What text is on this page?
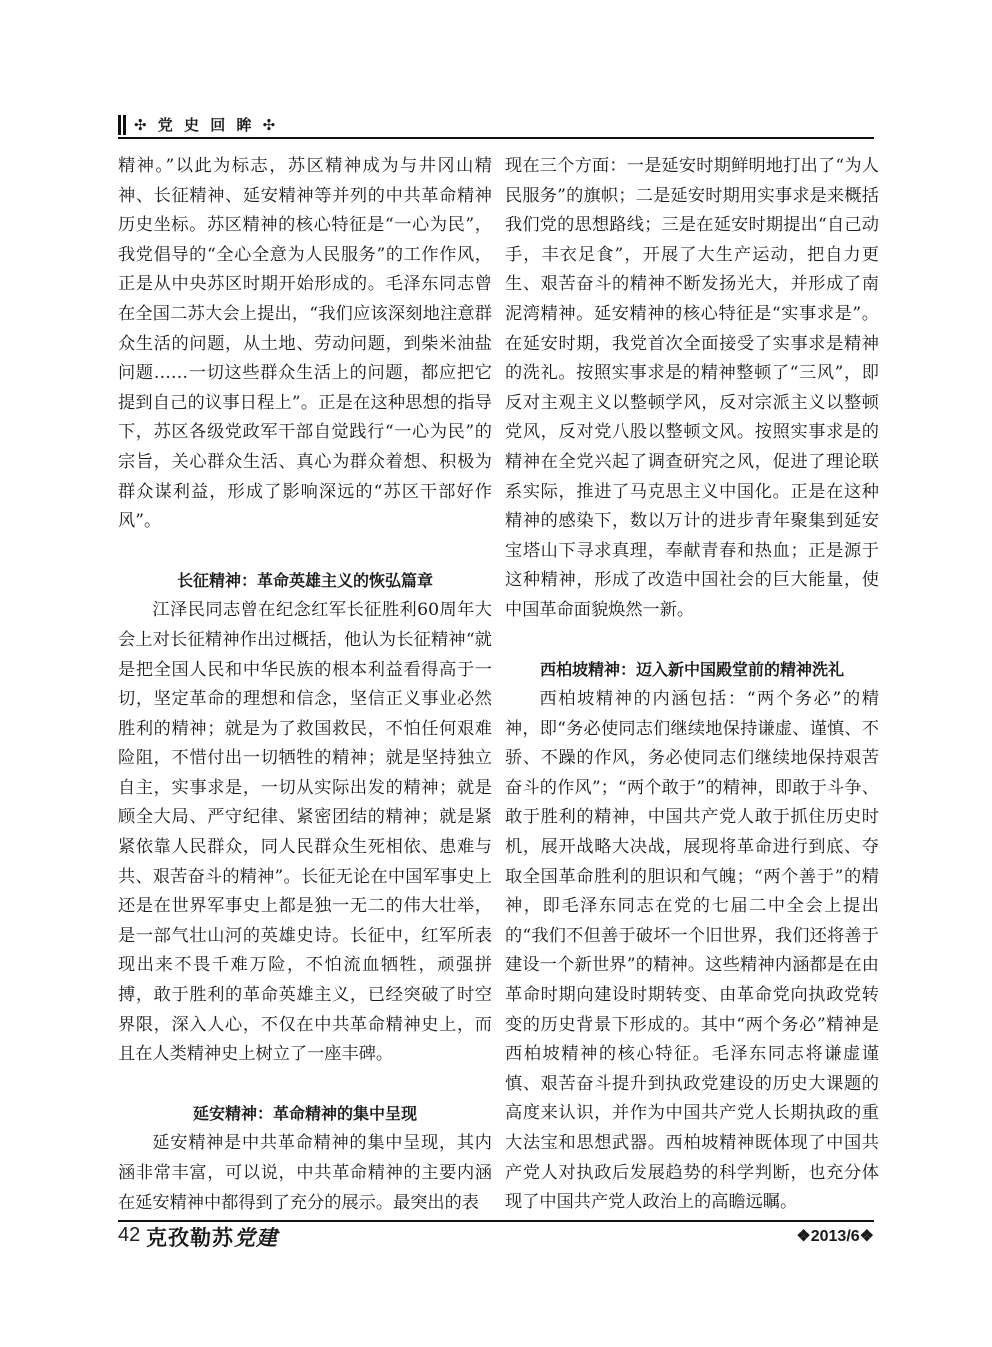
✣ 党 史 回 眸 ✣

精神。”以此为标志，苏区精神成为与井冈山精神、长征精神、延安精神等并列的中共革命精神历史坐标。苏区精神的核心特征是“一心为民”，我党倡导的“全心全意为人民服务”的工作作风，正是从中央苏区时期开始形成的。毛泽东同志曾在全国二苏大会上提出，“我们应该深刻地注意群众生活的问题，从土地、劳动问题，到柴米油盐问题……一切这些群众生活上的问题，都应把它提到自己的议事日程上”。正是在这种思想的指导下，苏区各级党政军干部自觉践行“一心为民”的宗旨，关心群众生活、真心为群众着想、积极为群众谋利益，形成了影响深远的“苏区干部好作风”。

长征精神：革命英雄主义的恢弘篇章

江泽民同志曾在纪念红军长征胜利60周年大会上对长征精神作出过概括，他认为长征精神“就是把全国人民和中华民族的根本利益看得高于一切，坚定革命的理想和信念，坚信正义事业必然胜利的精神；就是为了救国救民，不怕任何艰难险阻，不惜付出一切牺牲的精神；就是坚持独立自主，实事求是，一切从实际出发的精神；就是顾全大局、严守纪律、紧密团结的精神；就是紧紧依靠人民群众，同人民群众生死相依、患难与共、艰苦奋斗的精神”。长征无论在中国军事史上还是在世界军事史上都是独一无二的伟大壮举，是一部气壮山河的英雄史诗。长征中，红军所表现出来不畏千难万险，不怕流血牺牲，顽强拼搏，敢于胜利的革命英雄主义，已经突破了时空界限，深入人心，不仅在中共革命精神史上，而且在人类精神史上树立了一座丰碑。

延安精神：革命精神的集中呈现

延安精神是中共革命精神的集中呈现，其内涵非常丰富，可以说，中共革命精神的主要内涵在延安精神中都得到了充分的展示。最突出的表

现在三个方面：一是延安时期鲜明地打出了“为人民服务”的旗帜；二是延安时期用实事求是来概括我们党的思想路线；三是在延安时期提出“自己动手，丰衣足食”，开展了大生产运动，把自力更生、艰苦奋斗的精神不断发扬光大，并形成了南泥湾精神。延安精神的核心特征是“实事求是”。在延安时期，我党首次全面接受了实事求是精神的洗礼。按照实事求是的精神整顿了“三风”，即反对主观主义以整顿学风，反对宗派主义以整顿党风，反对党八股以整顿文风。按照实事求是的精神在全党兴起了调查研究之风，促进了理论联系实际，推进了马克思主义中国化。正是在这种精神的感染下，数以万计的进步青年聚集到延安宝塔山下寻求真理，奉献青春和热血；正是源于这种精神，形成了改造中国社会的巨大能量，使中国革命面貌焕然一新。

西柏坡精神：迈入新中国殿堂前的精神洗礼

西柏坡精神的内涵包括：“两个务必”的精神，即“务必使同志们继续地保持谦虚、谨慎、不骄、不躁的作风，务必使同志们继续地保持艰苦奋斗的作风”；“两个敢于”的精神，即敢于斗争、敢于胜利的精神，中国共产党人敢于抓住历史时机，展开战略大决战，展现将革命进行到底、夺取全国革命胜利的胆识和气魄；“两个善于”的精神，即毛泽东同志在党的七届二中全会上提出的“我们不但善于破坏一个旧世界，我们还将善于建设一个新世界”的精神。这些精神内涵都是在由革命时期向建设时期转变、由革命党向执政党转变的历史背景下形成的。其中“两个务必”精神是西柏坡精神的核心特征。毛泽东同志将谦虚谨慎、艰苦奋斗提升到执政党建设的历史大课题的高度来认识，并作为中国共产党人长期执政的重大法宝和思想武器。西柏坡精神既体现了中国共产党人对执政后发展趋势的科学判断，也充分体现了中国共产党人政治上的高瞻远瞩。

42 克孜勒苏党建	❖2013/6❖
